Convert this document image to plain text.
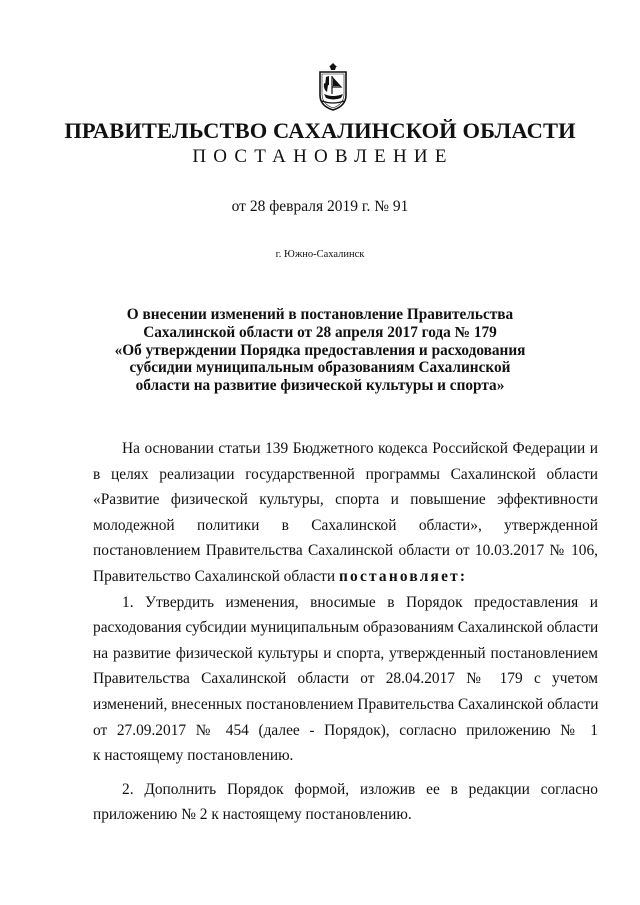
ПРАВИТЕЛЬСТВО САХАЛИНСКОЙ ОБЛАСТИ
ПОСТАНОВЛЕНИЕ
от 28 февраля 2019 г. № 91
г. Южно-Сахалинск
О внесении изменений в постановление Правительства
Сахалинской области от 28 апреля 2017 года № 179
«Об утверждении Порядка предоставления и расходования
субсидии муниципальным образованиям Сахалинской
области на развитие физической культуры и спорта»
На основании статьи 139 Бюджетного кодекса Российской Федерации и
в целях реализации государственной программы Сахалинской области
«Развитие физической культуры, спорта и повышение эффективности
молодежной политики в Сахалинской области», утвержденной
постановлением Правительства Сахалинской области от 10.03.2017 № 106,
Правительство Сахалинской области постановляет:
1. Утвердить изменения, вносимые в Порядок предоставления и
расходования субсидии муниципальным образованиям Сахалинской области
на развитие физической культуры и спорта, утвержденный постановлением
Правительства Сахалинской области от 28.04.2017 № 179 с учетом
изменений, внесенных постановлением Правительства Сахалинской области
от 27.09.2017 № 454 (далее - Порядок), согласно приложению № 1
к настоящему постановлению.
2. Дополнить Порядок формой, изложив ее в редакции согласно
приложению № 2 к настоящему постановлению.
